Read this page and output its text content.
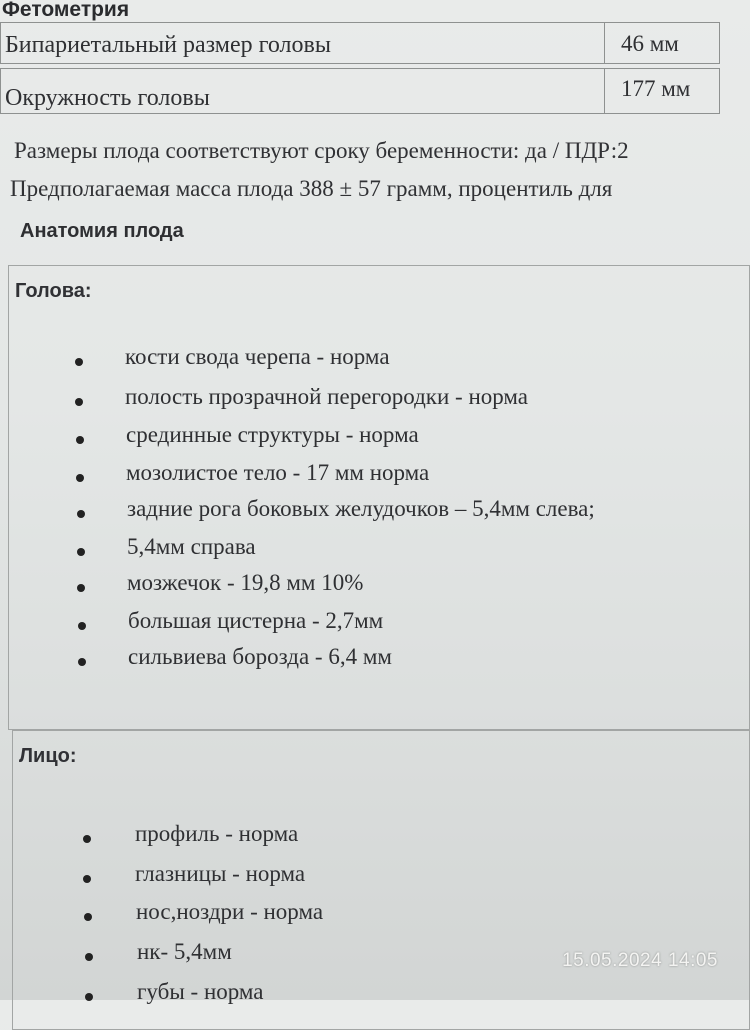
Фетометрия
Бипариетальный размер головы	46 мм
Окружность головы	177 мм
Размеры плода соответствуют сроку беременности: да / ПДР:2
Предполагаемая масса плода 388 ± 57 грамм, процентиль для
Анатомия плода
Голова:
кости свода черепа - норма
полость прозрачной перегородки - норма
срединные структуры - норма
мозолистое тело - 17 мм норма
задние рога боковых желудочков – 5,4мм слева;
5,4мм справа
мозжечок - 19,8 мм 10%
большая цистерна - 2,7мм
сильвиева борозда - 6,4 мм
Лицо:
профиль - норма
глазницы - норма
нос,ноздри - норма
нк- 5,4мм
губы - норма
15.05.2024 14:05
